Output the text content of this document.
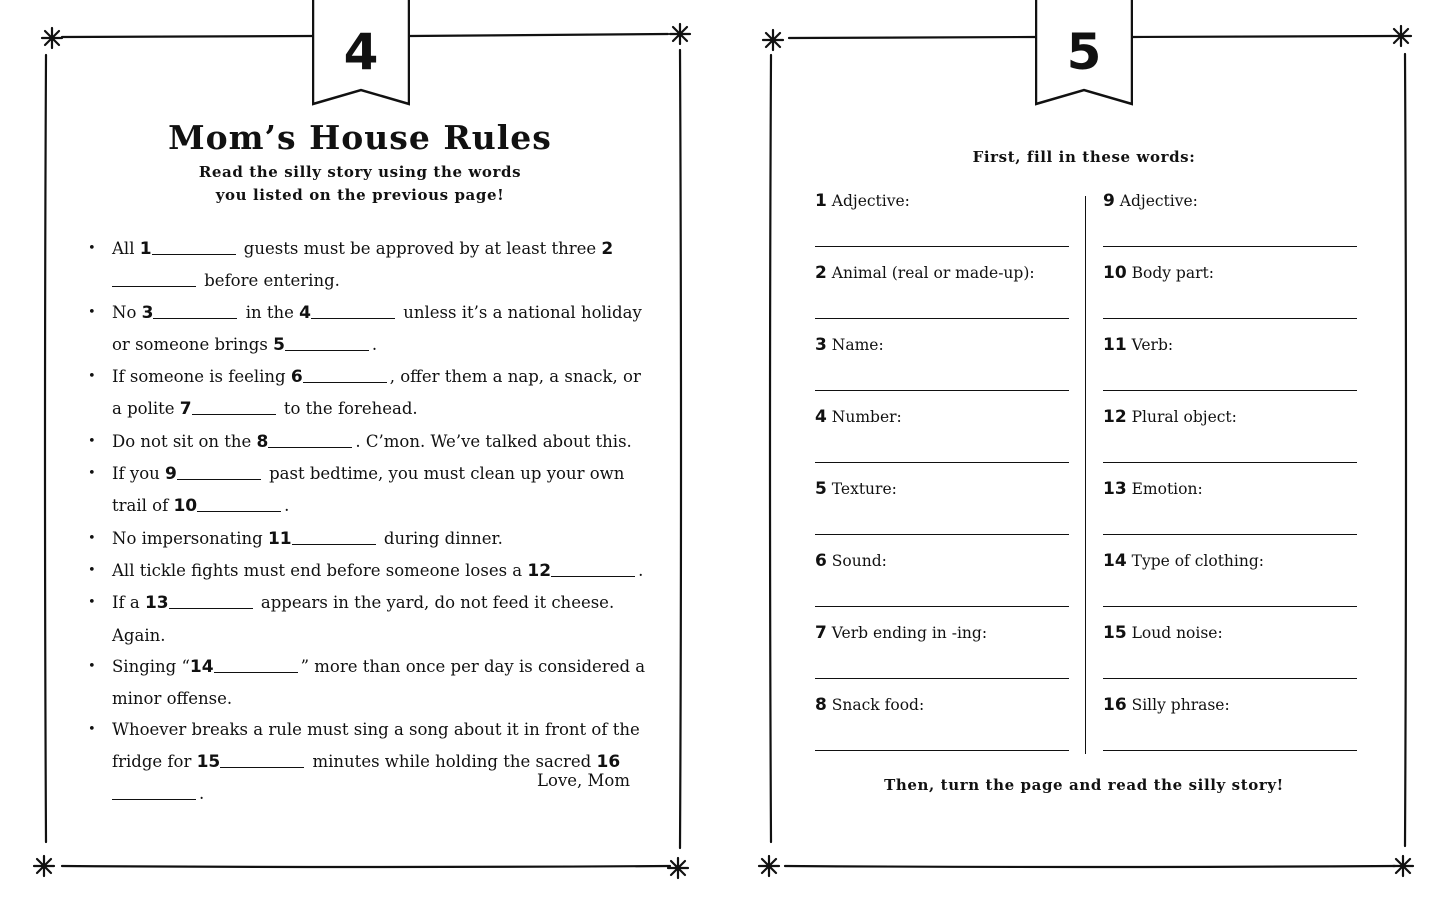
4
Mom’s House Rules
Read the silly story using the words
you listed on the previous page!
• All 1	guests must be approved by at least three 2 before entering.
• No 3	in the 4	unless it’s a national holiday or someone brings 5	.
• If someone is feeling 6	, offer them a nap, a snack, or a polite 7	to the forehead.
• Do not sit on the 8	. C’mon. We’ve talked about this.
• If you 9	past bedtime, you must clean up your own trail of 10	.
• No impersonating 11	during dinner.
• All tickle fights must end before someone loses a 12	.
• If a 13	appears in the yard, do not feed it cheese. Again.
• Singing “14	” more than once per day is considered a minor offense.
• Whoever breaks a rule must sing a song about it in front of the fridge for 15	minutes while holding the sacred 16.
Love, Mom
5
First, fill in these words:
1 Adjective:
2 Animal (real or made-up):
3 Name:
4 Number:
5 Texture:
6 Sound:
7 Verb ending in -ing:
8 Snack food:
9 Adjective:
10 Body part:
11 Verb:
12 Plural object:
13 Emotion:
14 Type of clothing:
15 Loud noise:
16 Silly phrase:
Then, turn the page and read the silly story!
